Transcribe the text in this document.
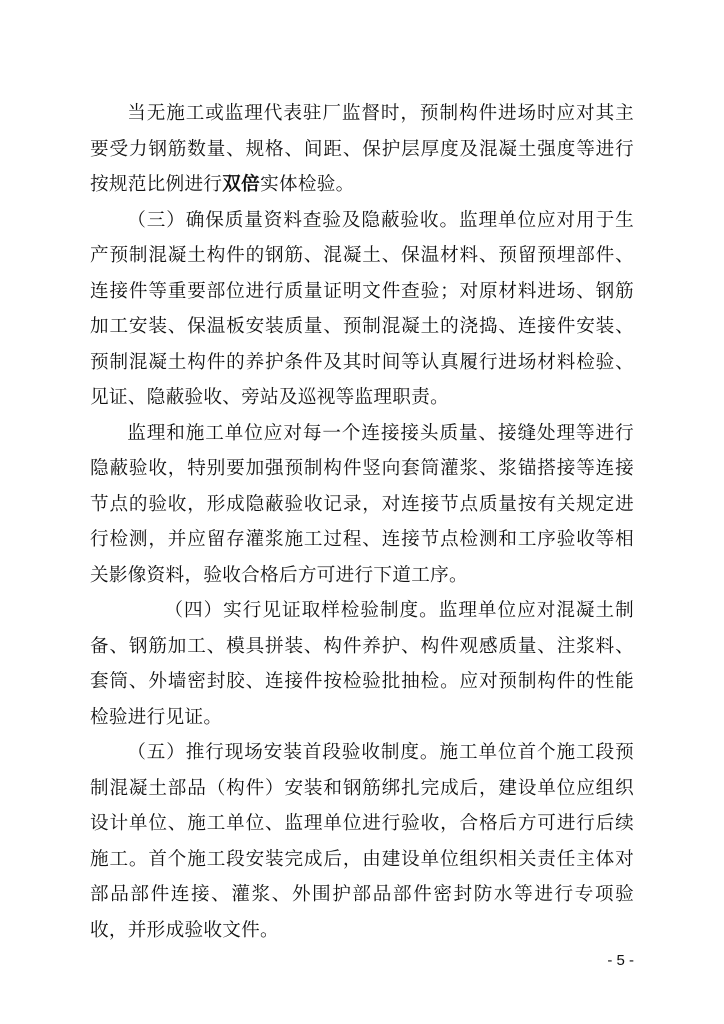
当无施工或监理代表驻厂监督时，预制构件进场时应对其主要受力钢筋数量、规格、间距、保护层厚度及混凝土强度等进行按规范比例进行双倍实体检验。

（三）确保质量资料查验及隐蔽验收。监理单位应对用于生产预制混凝土构件的钢筋、混凝土、保温材料、预留预埋部件、连接件等重要部位进行质量证明文件查验；对原材料进场、钢筋加工安装、保温板安装质量、预制混凝土的浇捣、连接件安装、预制混凝土构件的养护条件及其时间等认真履行进场材料检验、见证、隐蔽验收、旁站及巡视等监理职责。

监理和施工单位应对每一个连接接头质量、接缝处理等进行隐蔽验收，特别要加强预制构件竖向套筒灌浆、浆锚搭接等连接节点的验收，形成隐蔽验收记录，对连接节点质量按有关规定进行检测，并应留存灌浆施工过程、连接节点检测和工序验收等相关影像资料，验收合格后方可进行下道工序。

（四）实行见证取样检验制度。监理单位应对混凝土制备、钢筋加工、模具拼装、构件养护、构件观感质量、注浆料、套筒、外墙密封胶、连接件按检验批抽检。应对预制构件的性能检验进行见证。

（五）推行现场安装首段验收制度。施工单位首个施工段预制混凝土部品（构件）安装和钢筋绑扎完成后，建设单位应组织设计单位、施工单位、监理单位进行验收，合格后方可进行后续施工。首个施工段安装完成后，由建设单位组织相关责任主体对部品部件连接、灌浆、外围护部品部件密封防水等进行专项验收，并形成验收文件。

- 5 -
